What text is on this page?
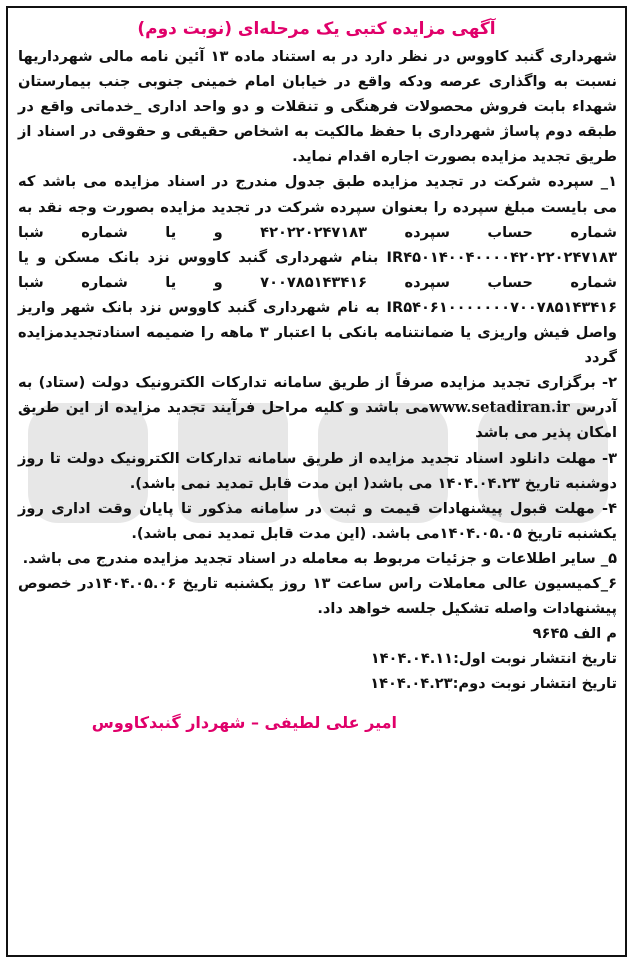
آگهی مزایده کتبی یک مرحله‌ای (نوبت دوم)

شهرداری گنبد کاووس در نظر دارد در به استناد ماده ۱۳ آئین نامه مالی شهرداریها نسبت به واگذاری عرصه ودکه واقع در خیابان امام خمینی جنوبی جنب بیمارستان شهداء بابت فروش محصولات فرهنگی و تنقلات و دو واحد اداری _خدماتی واقع در طبقه دوم پاساژ شهرداری با حفظ مالکیت به اشخاص حقیقی و حقوقی در اسناد از طریق تجدید مزایده بصورت اجاره اقدام نماید.

۱_ سپرده شرکت در تجدید مزایده طبق جدول مندرج در اسناد مزایده می باشد که می بایست مبلغ سپرده را بعنوان سپرده شرکت در تجدید مزایده بصورت وجه نقد به شماره حساب سپرده ۴۲۰۲۲۰۲۴۷۱۸۳ و یا شماره شبا IR۴۵۰۱۴۰۰۴۰۰۰۰۴۲۰۲۲۰۲۴۷۱۸۳ بنام شهرداری گنبد کاووس نزد بانک مسکن و یا شماره حساب سپرده ۷۰۰۷۸۵۱۴۳۴۱۶ و یا شماره شبا IR۵۴۰۶۱۰۰۰۰۰۰۰۷۰۰۷۸۵۱۴۳۴۱۶ به نام شهرداری گنبد کاووس نزد بانک شهر واریز واصل فیش واریزی یا ضمانتنامه بانکی با اعتبار ۳ ماهه را ضمیمه اسنادتجدیدمزایده گردد

۲- برگزاری تجدید مزایده صرفاً از طریق سامانه تدارکات الکترونیک دولت (ستاد) به آدرس www.setadiran.irمی باشد و کلیه مراحل فرآیند تجدید مزایده از این طریق امکان پذیر می باشد

۳- مهلت دانلود اسناد تجدید مزایده از طریق سامانه تدارکات الکترونیک دولت تا روز دوشنبه تاریخ ۱۴۰۴.۰۴.۲۳ می باشد( این مدت قابل تمدید نمی باشد).

۴- مهلت قبول پیشنهادات قیمت و ثبت در سامانه مذکور تا پایان وقت اداری روز یکشنبه تاریخ ۱۴۰۴.۰۵.۰۵می باشد. (این مدت قابل تمدید نمی باشد).

۵_ سایر اطلاعات و جزئیات مربوط به معامله در اسناد تجدید مزایده مندرج می باشد.

۶_کمیسیون عالی معاملات راس ساعت ۱۳ روز یکشنبه تاریخ ۱۴۰۴.۰۵.۰۶در خصوص پیشنهادات واصله تشکیل جلسه خواهد داد.

م الف ۹۶۴۵

تاریخ انتشار نوبت اول:۱۴۰۴.۰۴.۱۱

تاریخ انتشار نوبت دوم:۱۴۰۴.۰۴.۲۳

امیر علی لطیفی – شهردار گنبدکاووس
